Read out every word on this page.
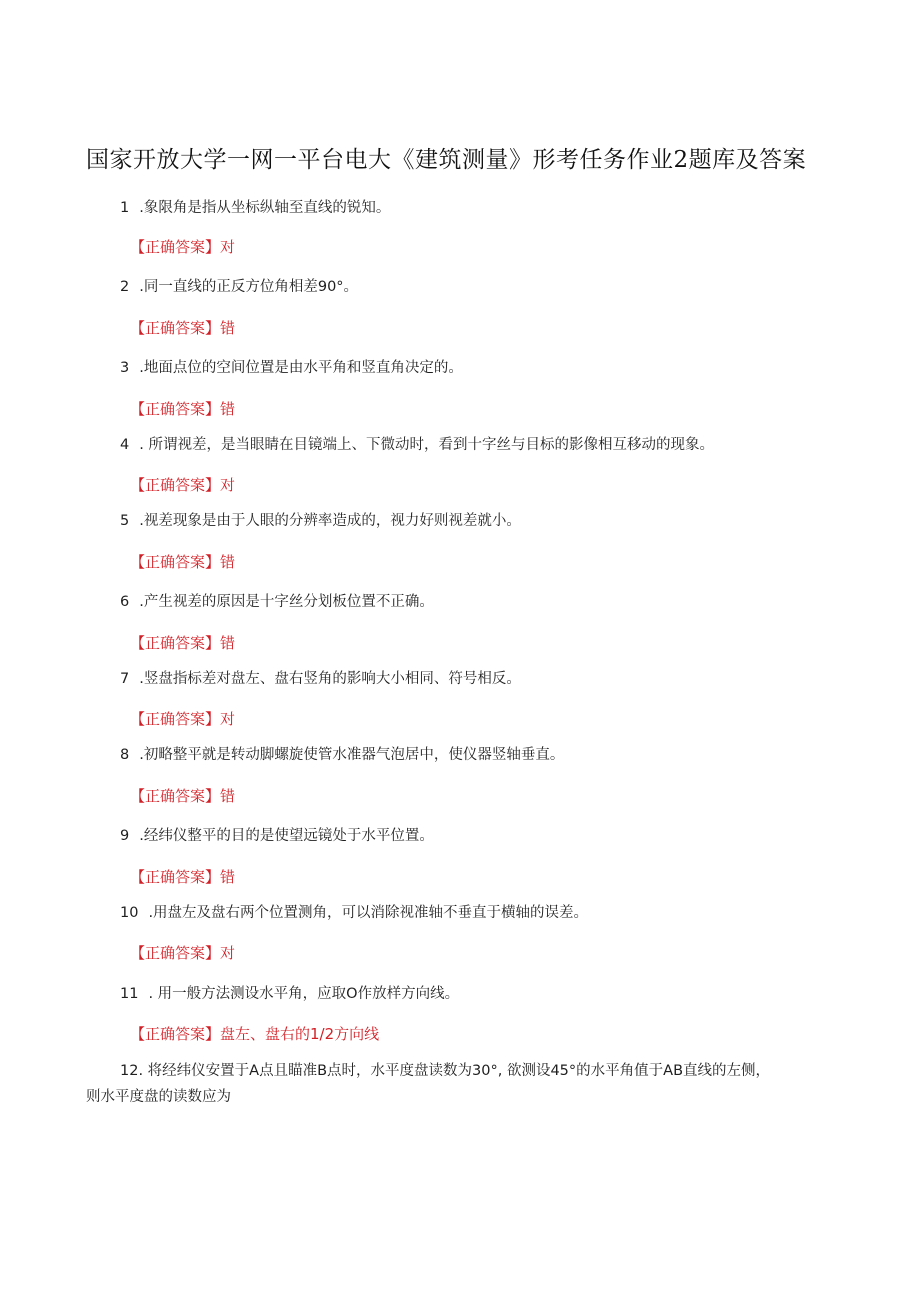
国家开放大学一网一平台电大《建筑测量》形考任务作业2题库及答案
1 .象限角是指从坐标纵轴至直线的锐知。
【正确答案】对
2 .同一直线的正反方位角相差90°。
【正确答案】错
3 .地面点位的空间位置是由水平角和竖直角决定的。
【正确答案】错
4 . 所谓视差，是当眼睛在目镜端上、下微动时，看到十字丝与目标的影像相互移动的现象。
【正确答案】对
5 .视差现象是由于人眼的分辨率造成的，视力好则视差就小。
【正确答案】错
6 .产生视差的原因是十字丝分划板位置不正确。
【正确答案】错
7 .竖盘指标差对盘左、盘右竖角的影响大小相同、符号相反。
【正确答案】对
8 .初略整平就是转动脚螺旋使管水准器气泡居中，使仪器竖轴垂直。
【正确答案】错
9 .经纬仪整平的目的是使望远镜处于水平位置。
【正确答案】错
10 .用盘左及盘右两个位置测角，可以消除视准轴不垂直于横轴的误差。
【正确答案】对
11 . 用一般方法测设水平角，应取O作放样方向线。
【正确答案】盘左、盘右的1/2方向线
12. 将经纬仪安置于A点且瞄准B点时，水平度盘读数为30°, 欲测设45°的水平角值于AB直线的左侧，
则水平度盘的读数应为
